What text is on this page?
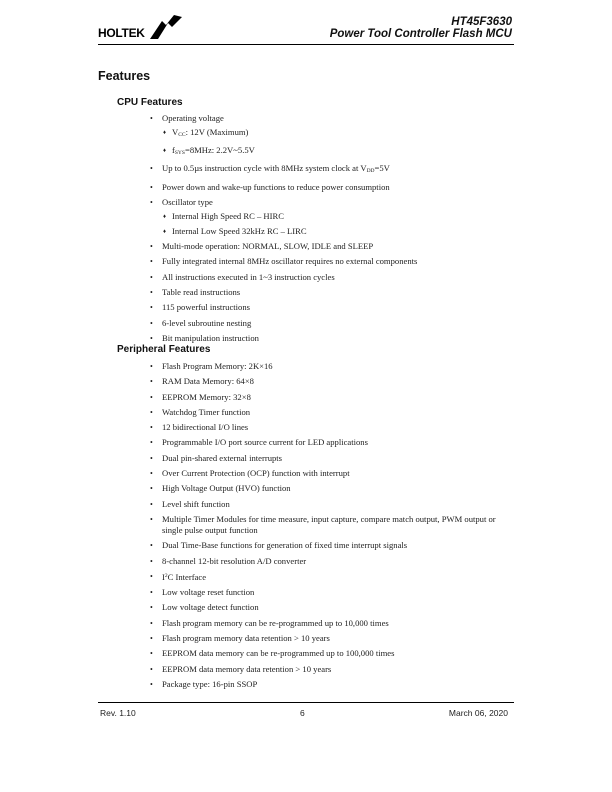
HOLTEK
HT45F3630
Power Tool Controller Flash MCU
Features
CPU Features
• Operating voltage
♦ $V_{CC}$: 12V (Maximum)
♦ $f_{SYS}=8MHz$: 2.2V~5.5V
• Up to 0.5µs instruction cycle with 8MHz system clock at $V_{DD}=5V$
• Power down and wake-up functions to reduce power consumption
• Oscillator type
♦ Internal High Speed RC – HIRC
♦ Internal Low Speed 32kHz RC – LIRC
• Multi-mode operation: NORMAL, SLOW, IDLE and SLEEP
• Fully integrated internal 8MHz oscillator requires no external components
• All instructions executed in 1~3 instruction cycles
• Table read instructions
• 115 powerful instructions
• 6-level subroutine nesting
• Bit manipulation instruction
Peripheral Features
• Flash Program Memory: 2K×16
• RAM Data Memory: 64×8
• EEPROM Memory: 32×8
• Watchdog Timer function
• 12 bidirectional I/O lines
• Programmable I/O port source current for LED applications
• Dual pin-shared external interrupts
• Over Current Protection (OCP) function with interrupt
• High Voltage Output (HVO) function
• Level shift function
• Multiple Timer Modules for time measure, input capture, compare match output, PWM output or single pulse output function
• Dual Time-Base functions for generation of fixed time interrupt signals
• 8-channel 12-bit resolution A/D converter
• $I^2C$ Interface
• Low voltage reset function
• Low voltage detect function
• Flash program memory can be re-programmed up to 10,000 times
• Flash program memory data retention > 10 years
• EEPROM data memory can be re-programmed up to 100,000 times
• EEPROM data memory data retention > 10 years
• Package type: 16-pin SSOP
Rev. 1.10	6	March 06, 2020
